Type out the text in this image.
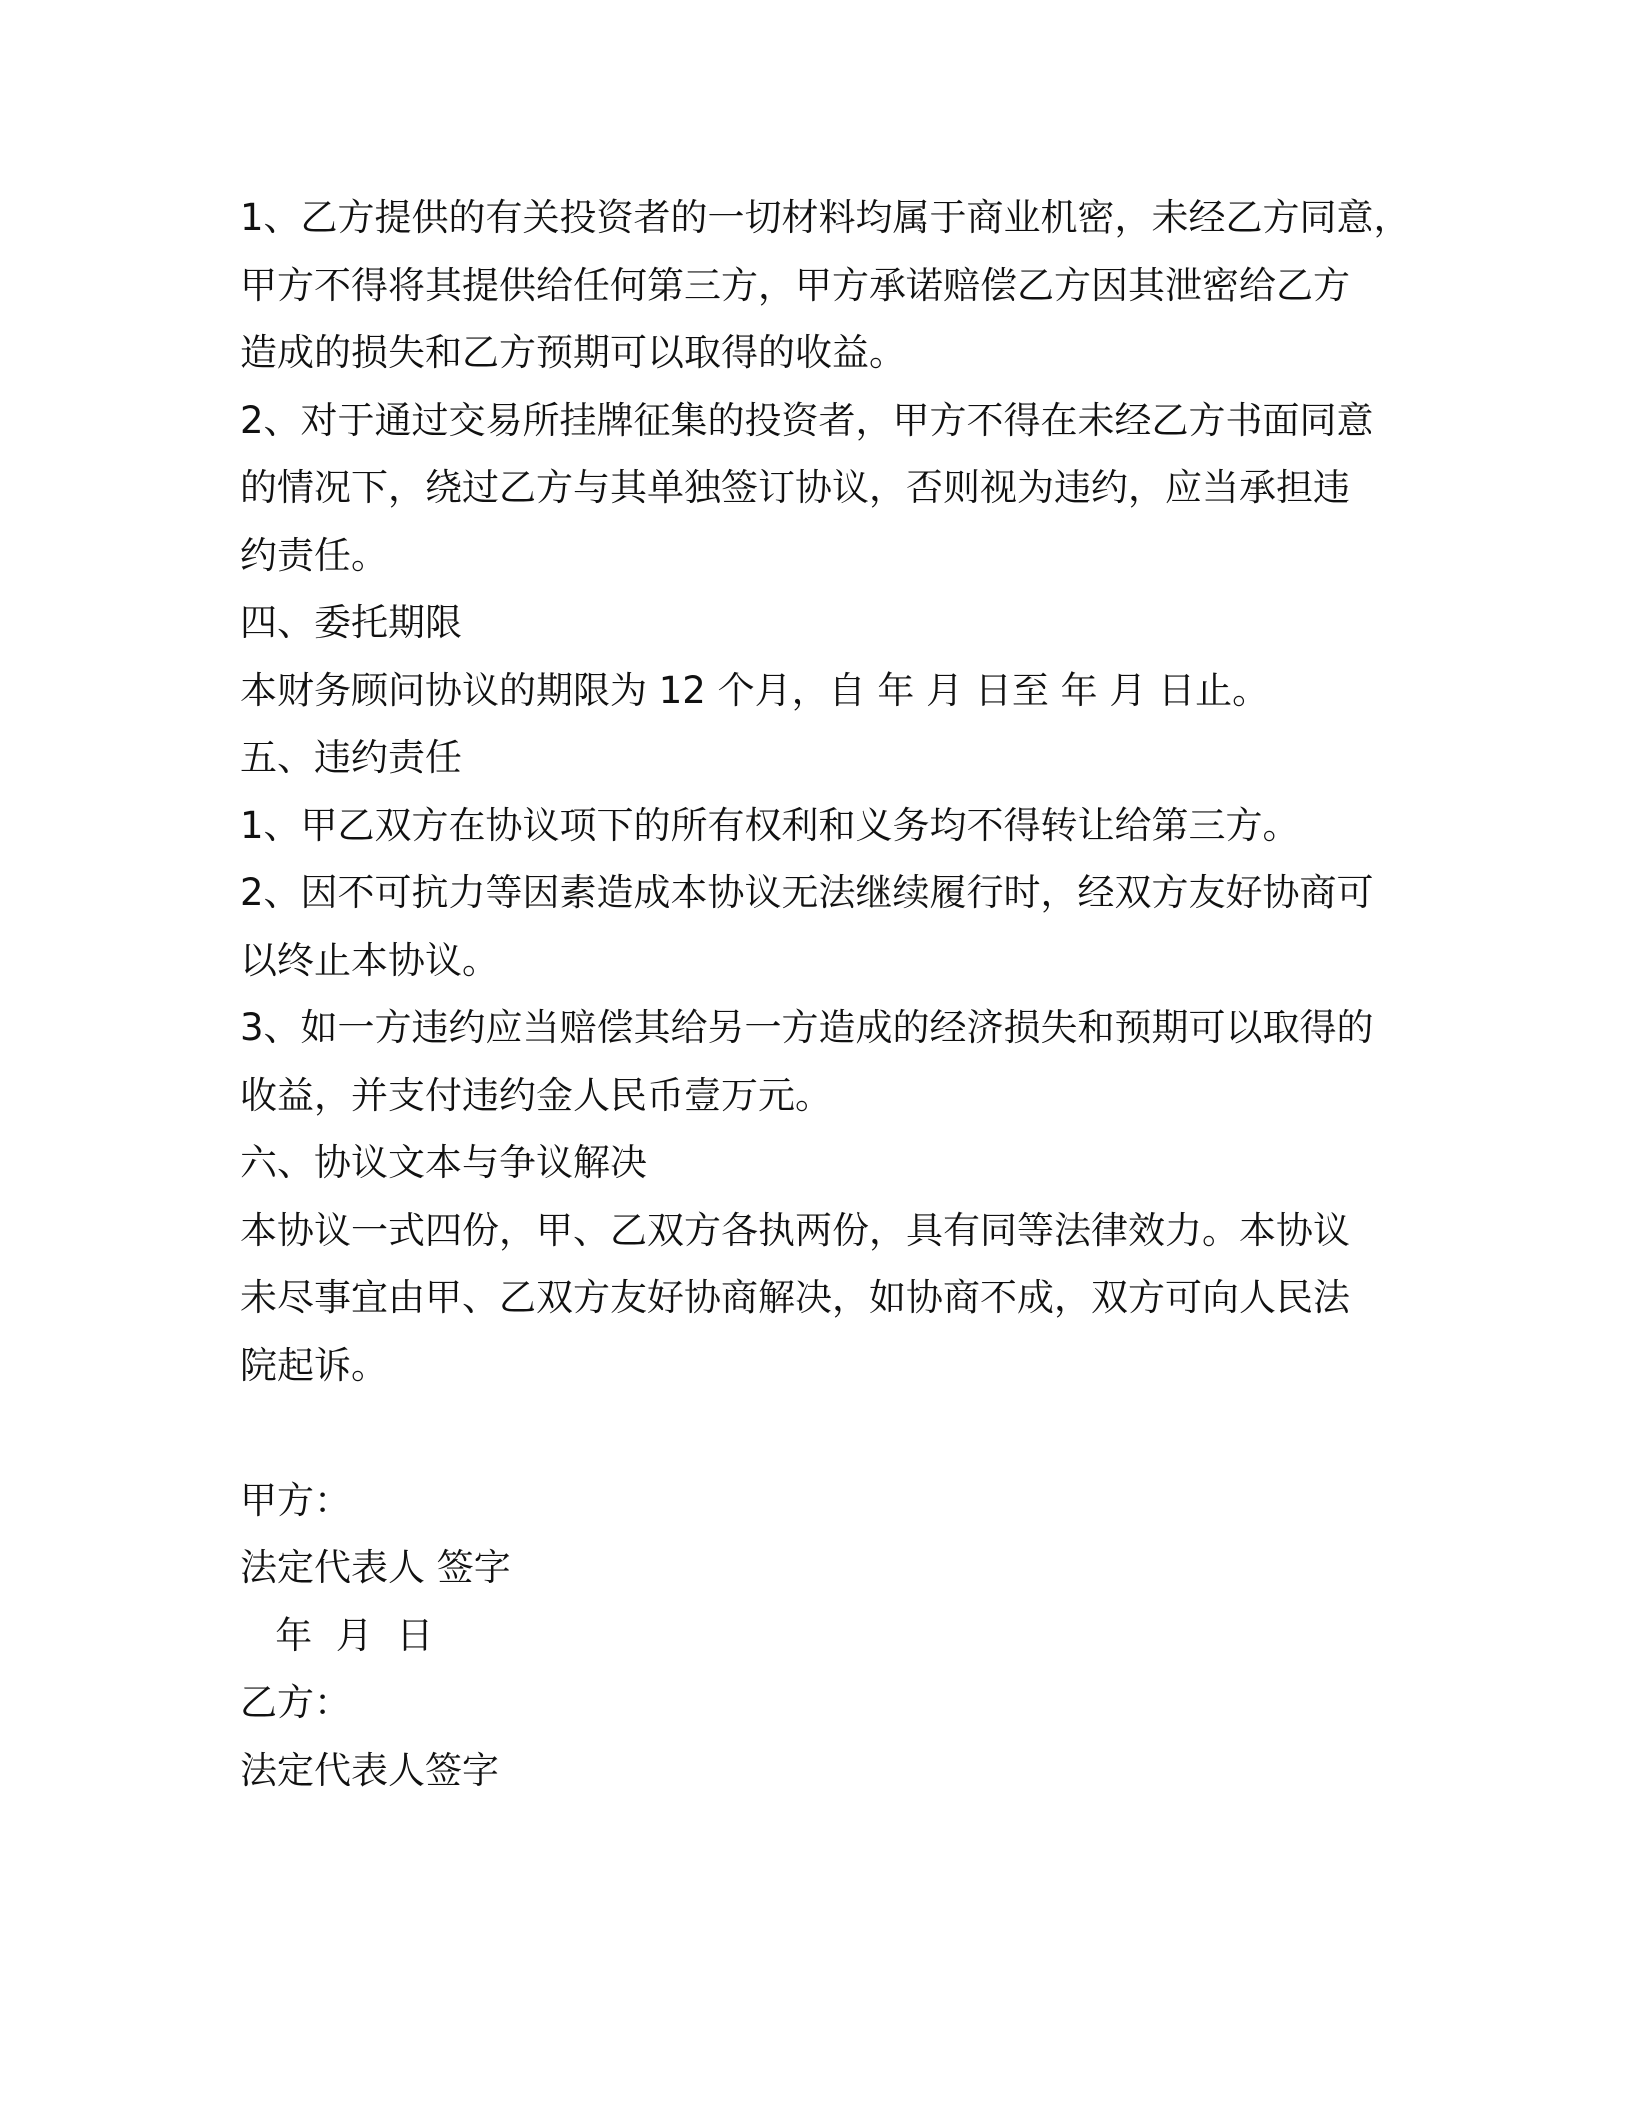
1、乙方提供的有关投资者的一切材料均属于商业机密，未经乙方同意，
甲方不得将其提供给任何第三方，甲方承诺赔偿乙方因其泄密给乙方
造成的损失和乙方预期可以取得的收益。
2、对于通过交易所挂牌征集的投资者，甲方不得在未经乙方书面同意
的情况下，绕过乙方与其单独签订协议，否则视为违约，应当承担违
约责任。
四、委托期限
本财务顾问协议的期限为 12 个月，自 年 月 日至 年 月 日止。
五、违约责任
1、甲乙双方在协议项下的所有权利和义务均不得转让给第三方。
2、因不可抗力等因素造成本协议无法继续履行时，经双方友好协商可
以终止本协议。
3、如一方违约应当赔偿其给另一方造成的经济损失和预期可以取得的
收益，并支付违约金人民币壹万元。
六、协议文本与争议解决
本协议一式四份，甲、乙双方各执两份，具有同等法律效力。本协议
未尽事宜由甲、乙双方友好协商解决，如协商不成，双方可向人民法
院起诉。
甲方：
法定代表人 签字
年  月  日
乙方：
法定代表人签字
